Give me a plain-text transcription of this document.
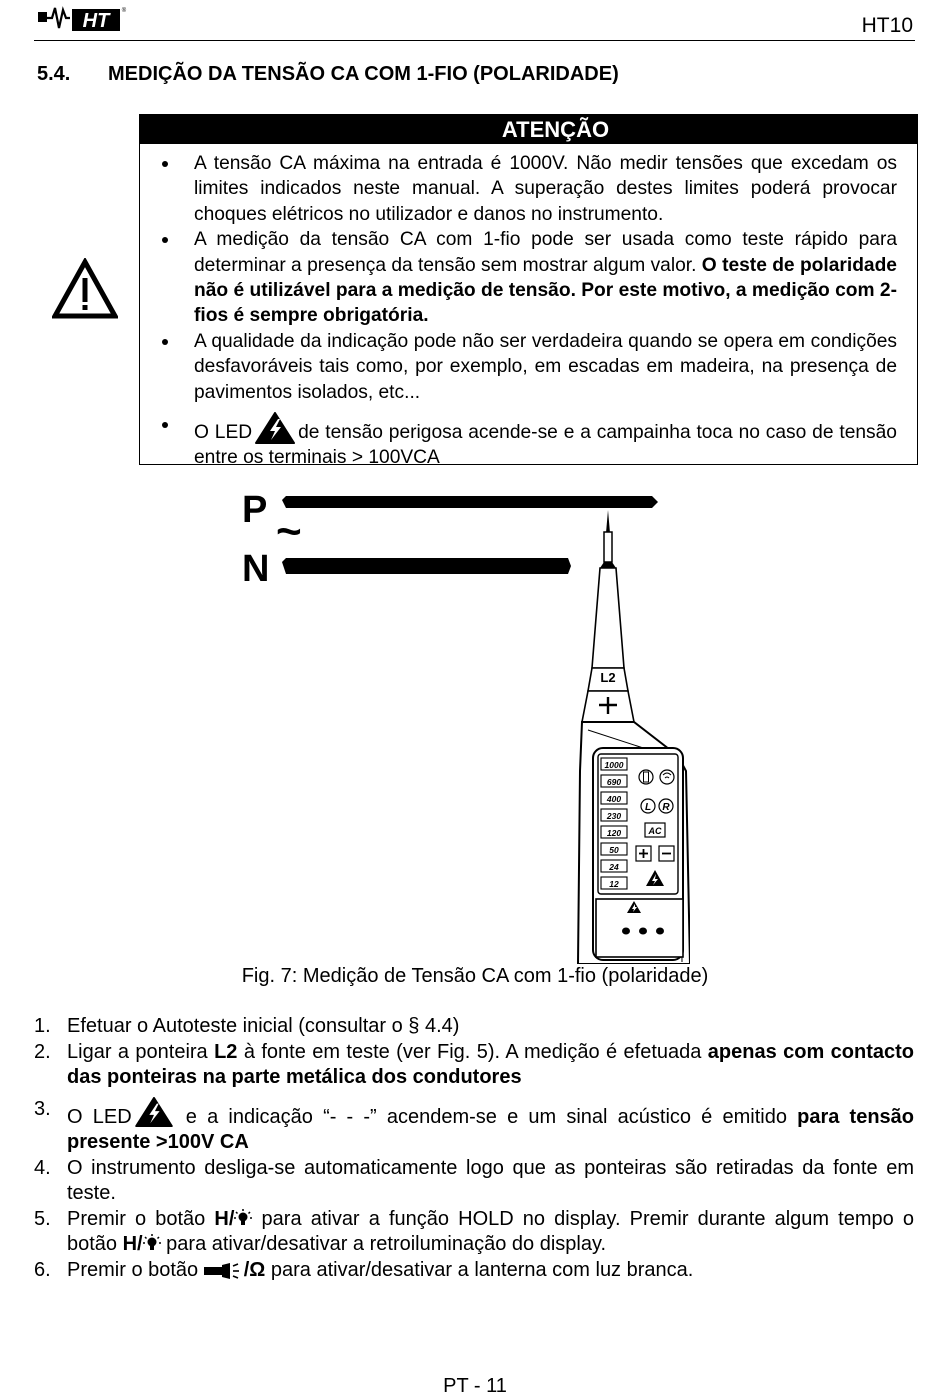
HT ®
HT10
5.4. MEDIÇÃO DA TENSÃO CA COM 1-FIO (POLARIDADE)
ATENÇÃO
A tensão CA máxima na entrada é 1000V. Não medir tensões que excedam os limites indicados neste manual. A superação destes limites poderá provocar choques elétricos no utilizador e danos no instrumento.
A medição da tensão CA com 1-fio pode ser usada como teste rápido para determinar a presença da tensão sem mostrar algum valor. O teste de polaridade não é utilizável para a medição de tensão. Por este motivo, a medição com 2-fios é sempre obrigatória.
A qualidade da indicação pode não ser verdadeira quando se opera em condições desfavoráveis tais como, por exemplo, em escadas em madeira, na presença de pavimentos isolados, etc...
O LED de tensão perigosa acende-se e a campainha toca no caso de tensão entre os terminais > 100VCA
P ~
N
L2
1000
690
400
230
120
50
24
12
L R
AC
Fig. 7: Medição de Tensão CA com 1-fio (polaridade)
1. Efetuar o Autoteste inicial (consultar o § 4.4)
2. Ligar a ponteira L2 à fonte em teste (ver Fig. 5). A medição é efetuada apenas com contacto das ponteiras na parte metálica dos condutores
3. O LED e a indicação “- - -” acendem-se e um sinal acústico é emitido para tensão presente >100V CA
4. O instrumento desliga-se automaticamente logo que as ponteiras são retiradas da fonte em teste.
5. Premir o botão H/ para ativar a função HOLD no display. Premir durante algum tempo o botão H/ para ativar/desativar a retroiluminação do display.
6. Premir o botão /Ω para ativar/desativar a lanterna com luz branca.
PT - 11
